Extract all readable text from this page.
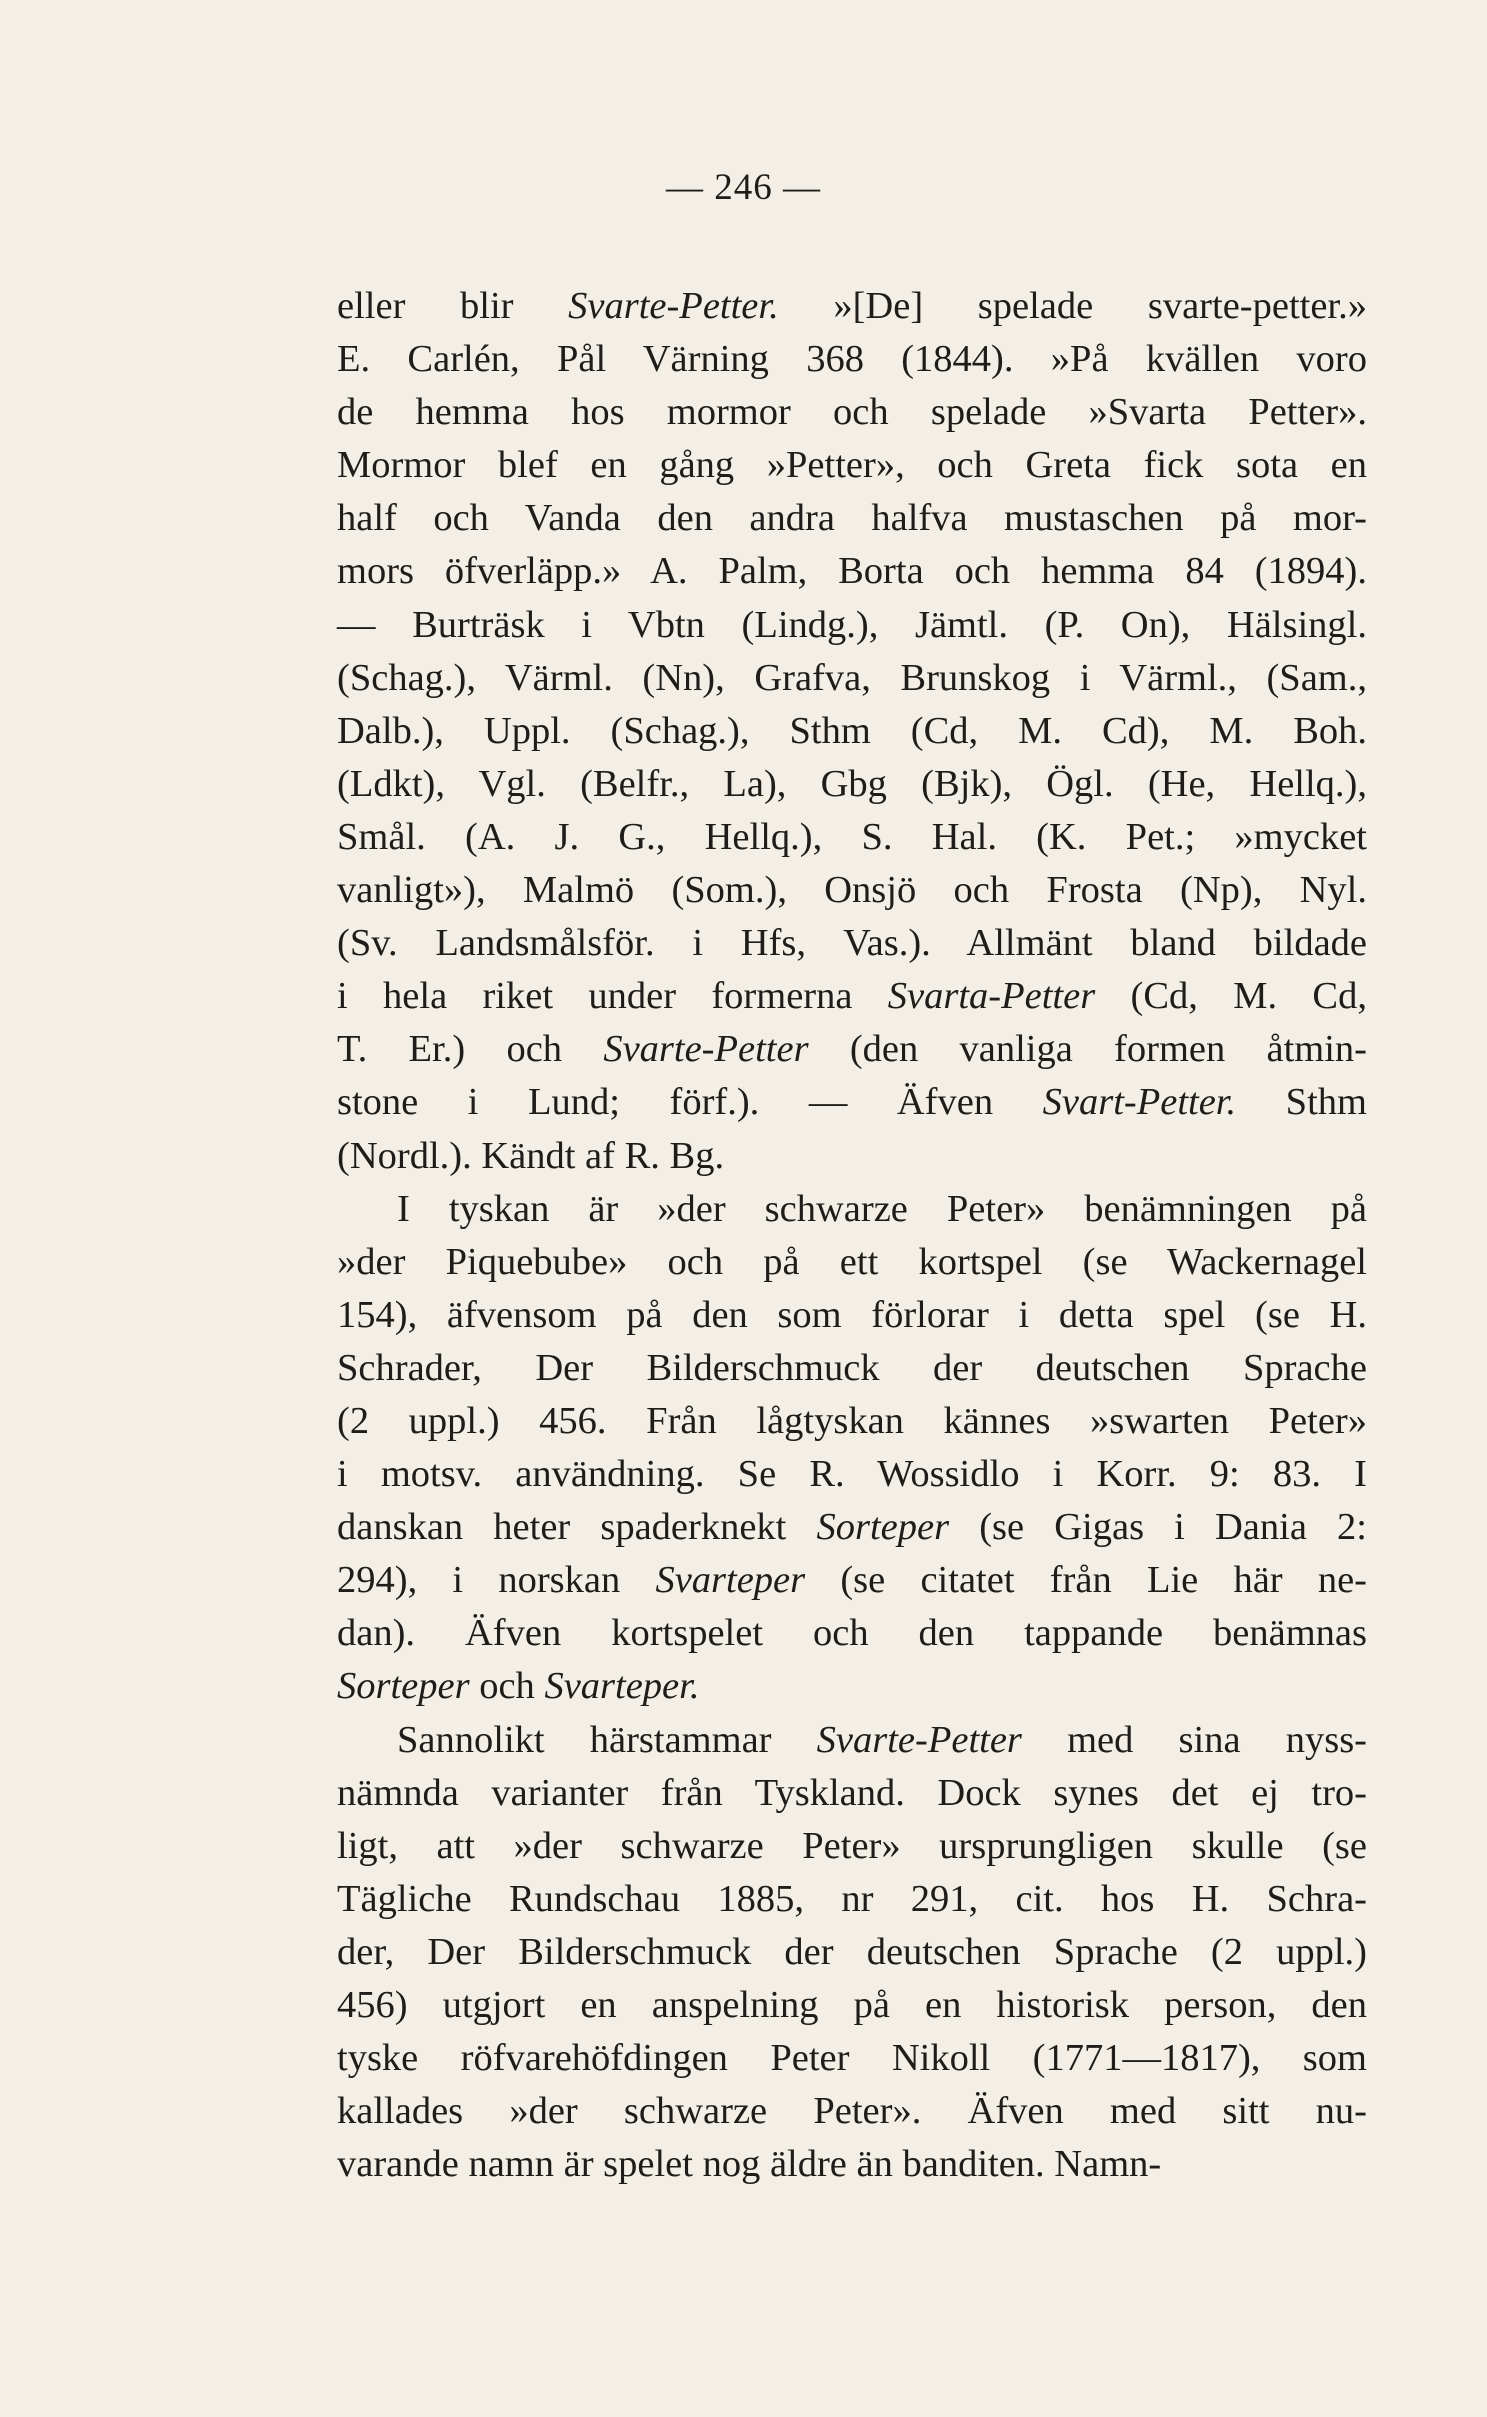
— 246 —
eller blir Svarte-Petter. »[De] spelade svarte-petter.»
E. Carlén, Pål Värning 368 (1844). »På kvällen voro
de hemma hos mormor och spelade »Svarta Petter».
Mormor blef en gång »Petter», och Greta fick sota en
half och Vanda den andra halfva mustaschen på mor-
mors öfverläpp.» A. Palm, Borta och hemma 84 (1894).
— Burträsk i Vbtn (Lindg.), Jämtl. (P. On), Hälsingl.
(Schag.), Värml. (Nn), Grafva, Brunskog i Värml., (Sam.,
Dalb.), Uppl. (Schag.), Sthm (Cd, M. Cd), M. Boh.
(Ldkt), Vgl. (Belfr., La), Gbg (Bjk), Ögl. (He, Hellq.),
Smål. (A. J. G., Hellq.), S. Hal. (K. Pet.; »mycket
vanligt»), Malmö (Som.), Onsjö och Frosta (Np), Nyl.
(Sv. Landsmålsför. i Hfs, Vas.). Allmänt bland bildade
i hela riket under formerna Svarta-Petter (Cd, M. Cd,
T. Er.) och Svarte-Petter (den vanliga formen åtmin-
stone i Lund; förf.). — Äfven Svart-Petter. Sthm
(Nordl.). Kändt af R. Bg.
I tyskan är »der schwarze Peter» benämningen på
»der Piquebube» och på ett kortspel (se Wackernagel
154), äfvensom på den som förlorar i detta spel (se H.
Schrader, Der Bilderschmuck der deutschen Sprache
(2 uppl.) 456. Från lågtyskan kännes »swarten Peter»
i motsv. användning. Se R. Wossidlo i Korr. 9: 83. I
danskan heter spaderknekt Sorteper (se Gigas i Dania 2:
294), i norskan Svarteper (se citatet från Lie här ne-
dan). Äfven kortspelet och den tappande benämnas
Sorteper och Svarteper.
Sannolikt härstammar Svarte-Petter med sina nyss-
nämnda varianter från Tyskland. Dock synes det ej tro-
ligt, att »der schwarze Peter» ursprungligen skulle (se
Tägliche Rundschau 1885, nr 291, cit. hos H. Schra-
der, Der Bilderschmuck der deutschen Sprache (2 uppl.)
456) utgjort en anspelning på en historisk person, den
tyske röfvarehöfdingen Peter Nikoll (1771—1817), som
kallades »der schwarze Peter». Äfven med sitt nu-
varande namn är spelet nog äldre än banditen. Namn-
